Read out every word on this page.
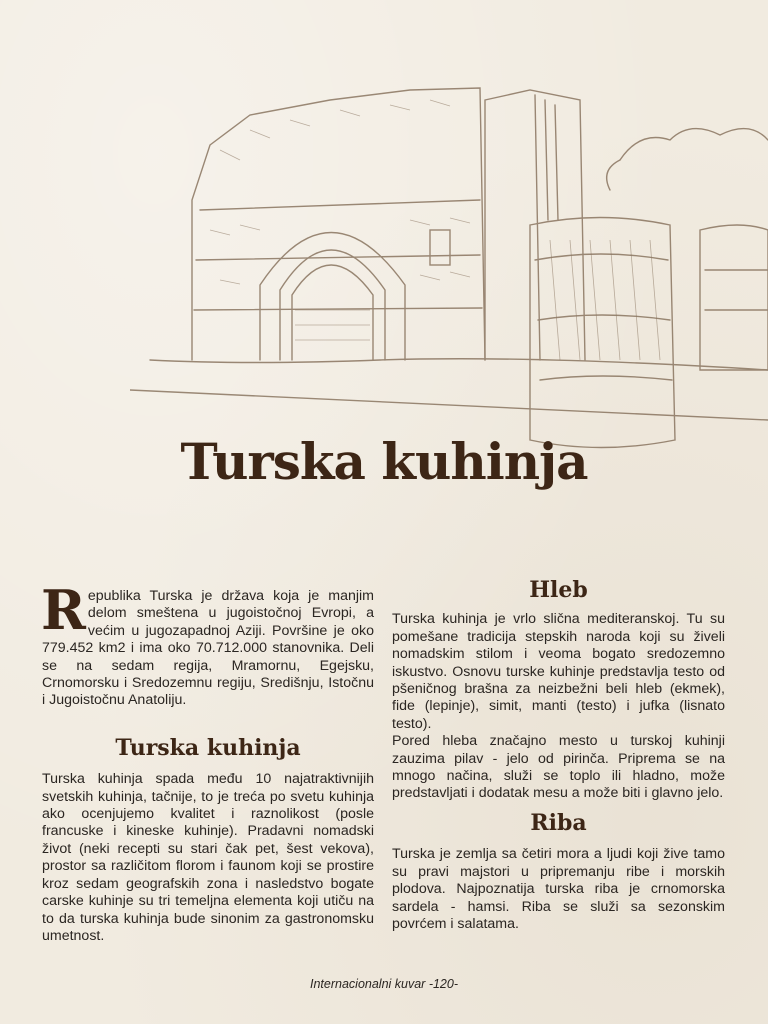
Turska kuhinja

Republika Turska je država koja je manjim delom smeštena u jugoistočnoj Evropi, a većim u jugozapadnoj Aziji. Površine je oko 779.452 km2 i ima oko 70.712.000 stanovnika. Deli se na sedam regija, Mramornu, Egejsku, Crnomorsku i Sredozemnu regiju, Središnju, Istočnu i Jugoistočnu Anatoliju.

Turska kuhinja

Turska kuhinja spada među 10 najatraktivnijih svetskih kuhinja, tačnije, to je treća po svetu kuhinja ako ocenjujemo kvalitet i raznolikost (posle francuske i kineske kuhinje). Pradavni nomadski život (neki recepti su stari čak pet, šest vekova), prostor sa različitom florom i faunom koji se prostire kroz sedam geografskih zona i nasledstvo bogate carske kuhinje su tri temeljna elementa koji utiču na to da turska kuhinja bude sinonim za gastronomsku umetnost.

Hleb

Turska kuhinja je vrlo slična mediteranskoj. Tu su pomešane tradicija stepskih naroda koji su živeli nomadskim stilom i veoma bogato sredozemno iskustvo. Osnovu turske kuhinje predstavlja testo od pšeničnog brašna za neizbežni beli hleb (ekmek), fide (lepinje), simit, manti (testo) i jufka (lisnato testo).

Pored hleba značajno mesto u turskoj kuhinji zauzima pilav - jelo od pirinča. Priprema se na mnogo načina, služi se toplo ili hladno, može predstavljati i dodatak mesu a može biti i glavno jelo.

Riba

Turska je zemlja sa četiri mora a ljudi koji žive tamo su pravi majstori u pripremanju ribe i morskih plodova. Najpoznatija turska riba je crnomorska sardela - hamsi. Riba se služi sa sezonskim povrćem i salatama.

Internacionalni kuvar -120-
